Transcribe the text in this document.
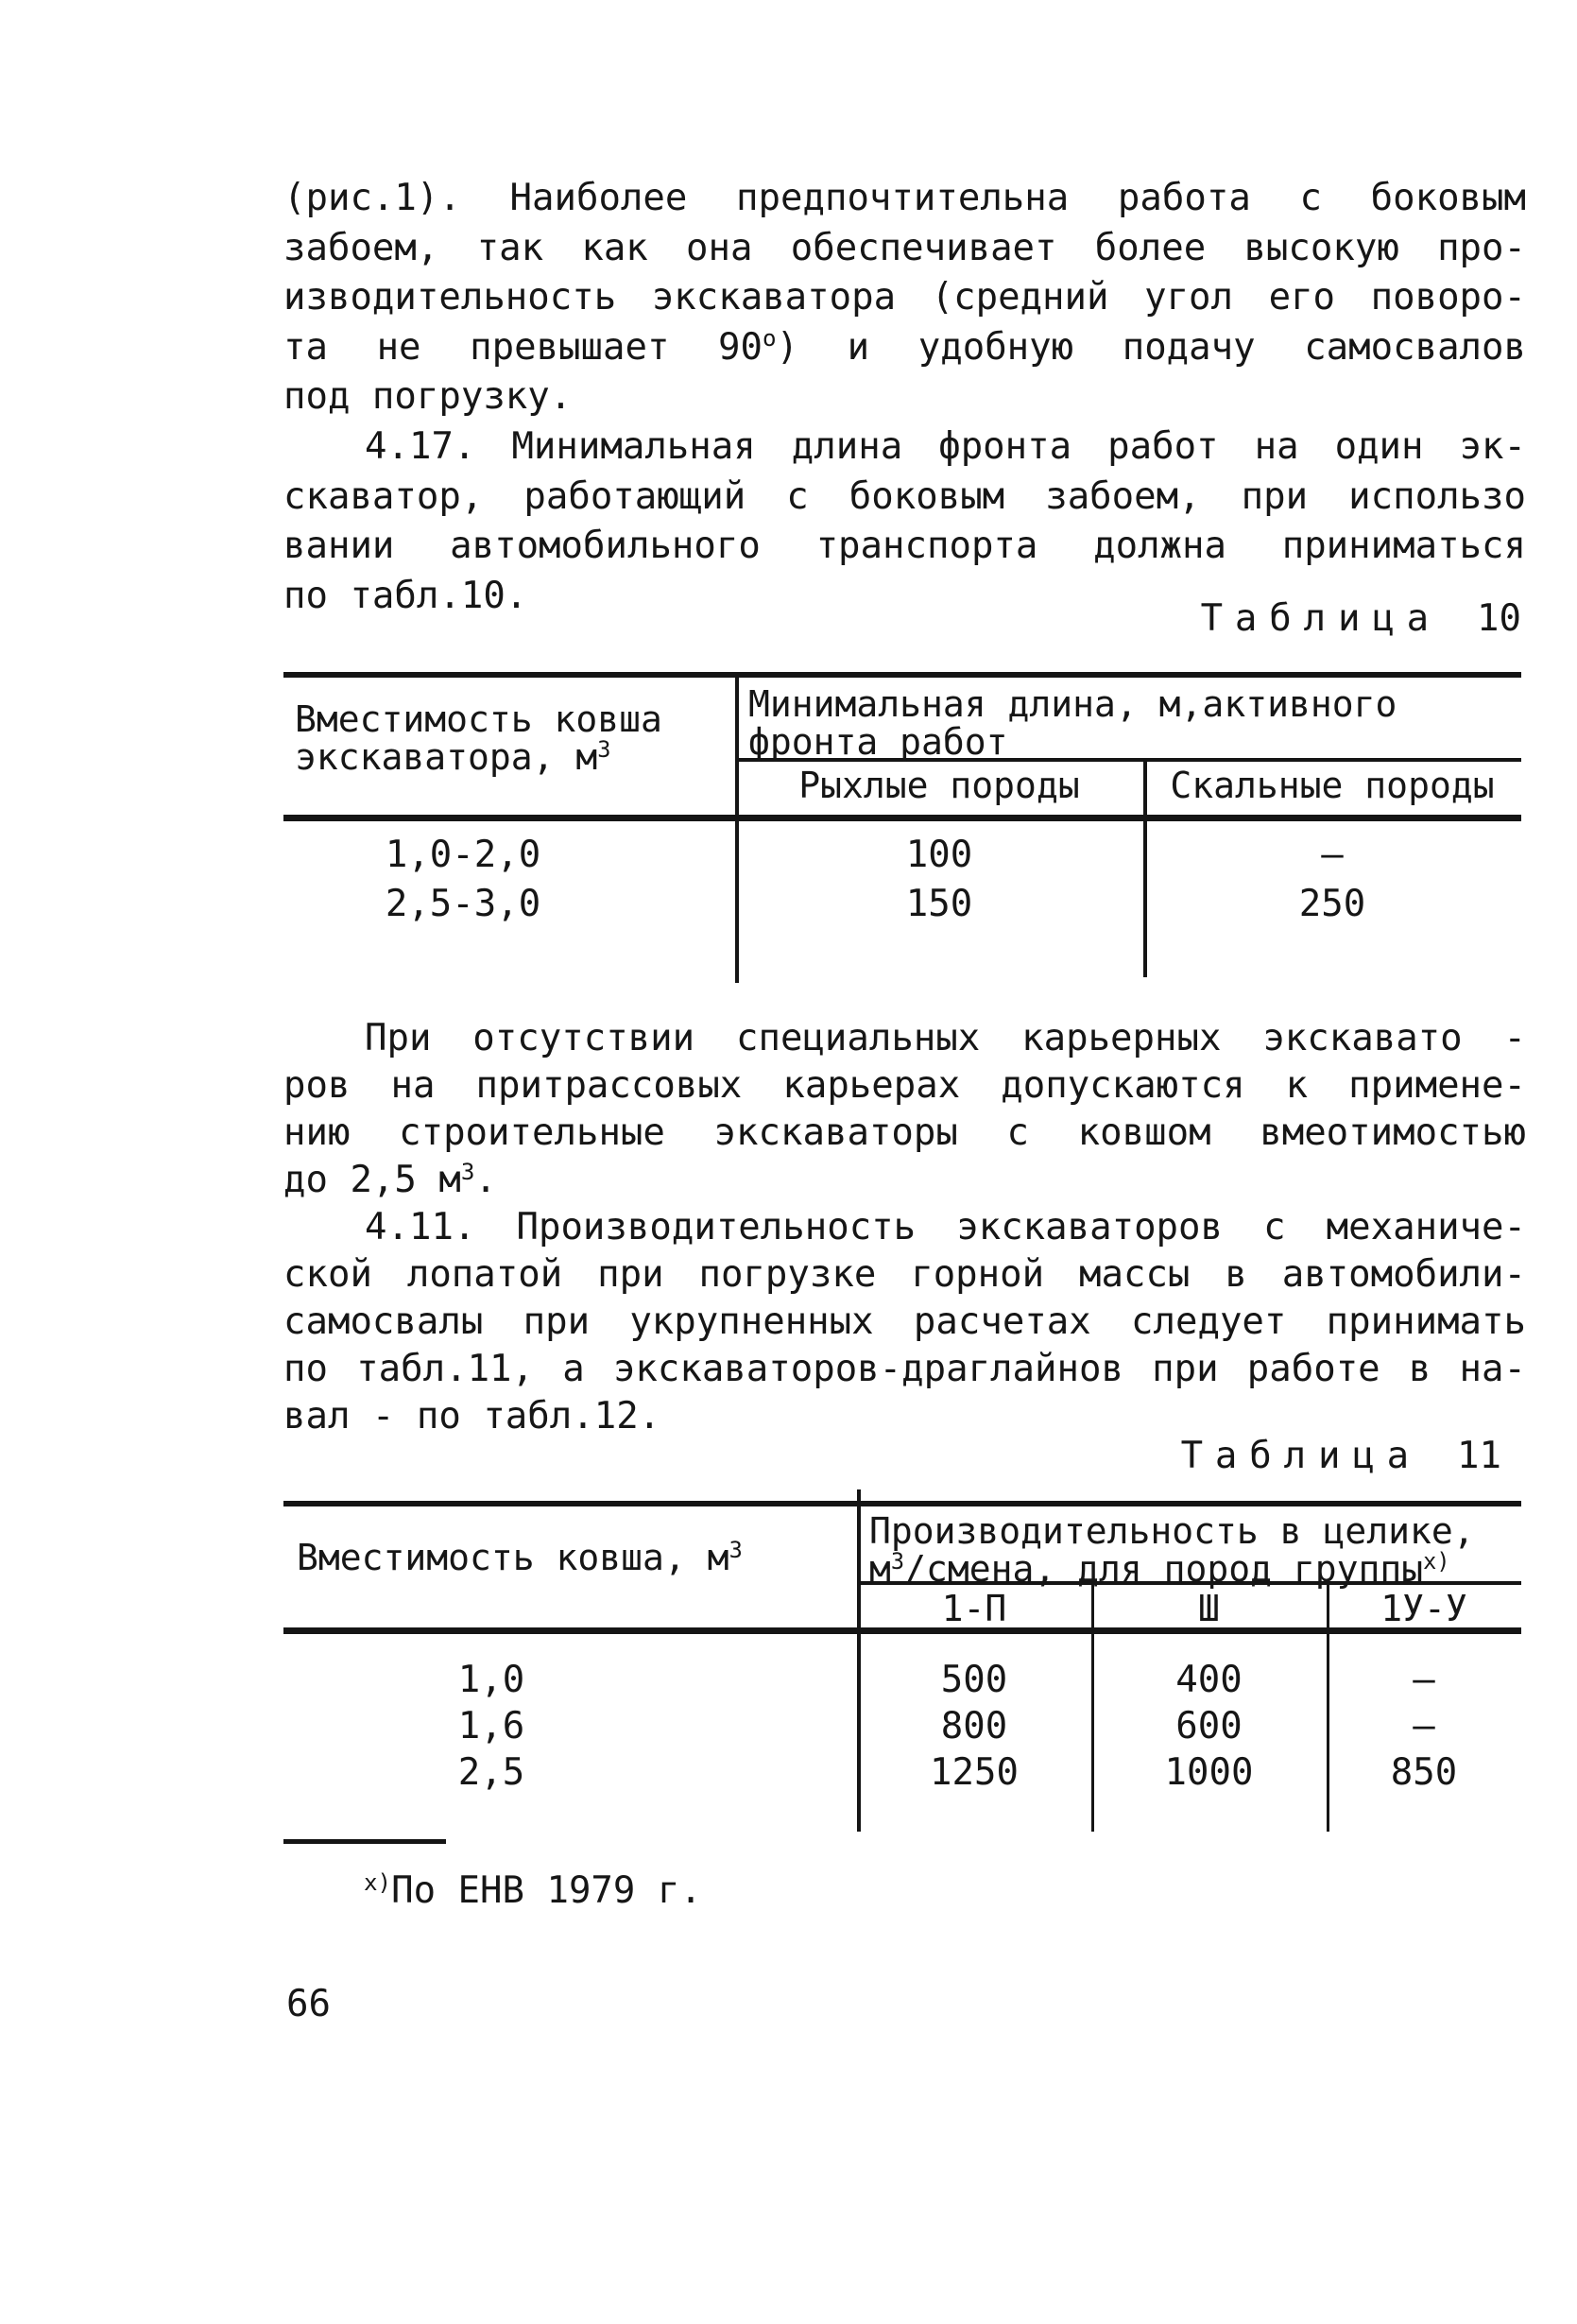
(рис.1). Наиболее предпочтительна работа с боковым
забоем, так как она обеспечивает более высокую про-
изводительность экскаватора (средний угол его поворо-
та не превышает $90^о$) и удобную подачу самосвалов
под погрузку.
4.17. Минимальная длина фронта работ на один эк-
скаватор, работающий с боковым забоем, при использо
вании автомобильного транспорта должна приниматься
по табл.10.
Таблица 10
Вместимость ковша
экскаватора, $м^3$
Минимальная длина, м,активного
фронта работ
Рыхлые породы	Скальные породы
1,0-2,0	100	–
2,5-3,0	150	250
При отсутствии специальных карьерных экскавато -
ров на притрассовых карьерах допускаются к примене-
нию строительные экскаваторы с ковшом вмеотимостью
до 2,5 $м^3$.
4.11. Производительность экскаваторов с механиче-
ской лопатой при погрузке горной массы в автомобили-
самосвалы при укрупненных расчетах следует принимать
по табл.11, а экскаваторов-драглайнов при работе в на-
вал - по табл.12.
Таблица 11
Вместимость ковша, $м^3$	Производительность в целике,
$м^3$/смена, для пород группы$^{x)}$
1-П	Ш	1У-У
1,0	500	400	–
1,6	800	600	–
2,5	1250	1000	850
$^{x)}$По ЕНВ 1979 г.
66
